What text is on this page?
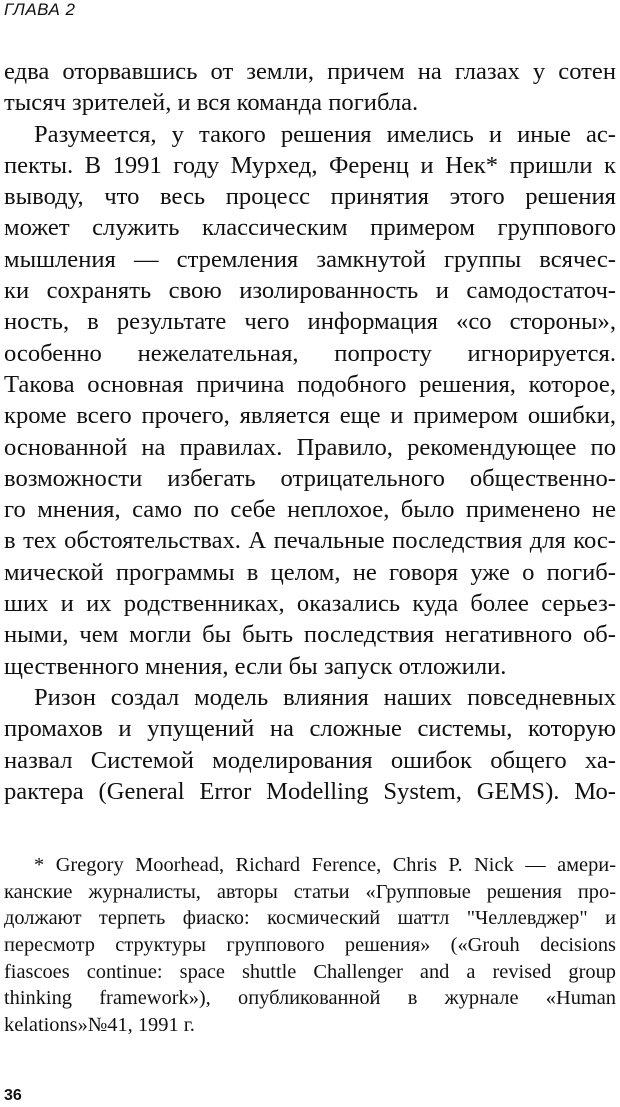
ГЛАВА 2
едва оторвавшись от земли, причем на глазах у сотен
тысяч зрителей, и вся команда погибла.
Разумеется, у такого решения имелись и иные ас-
пекты. В 1991 году Мурхед, Ференц и Нек* пришли к
выводу, что весь процесс принятия этого решения
может служить классическим примером группового
мышления — стремления замкнутой группы всячес-
ки сохранять свою изолированность и самодостаточ-
ность, в результате чего информация «со стороны»,
особенно нежелательная, попросту игнорируется.
Такова основная причина подобного решения, которое,
кроме всего прочего, является еще и примером ошибки,
основанной на правилах. Правило, рекомендующее по
возможности избегать отрицательного общественно-
го мнения, само по себе неплохое, было применено не
в тех обстоятельствах. А печальные последствия для кос-
мической программы в целом, не говоря уже о погиб-
ших и их родственниках, оказались куда более серьез-
ными, чем могли бы быть последствия негативного об-
щественного мнения, если бы запуск отложили.
Ризон создал модель влияния наших повседневных
промахов и упущений на сложные системы, которую
назвал Системой моделирования ошибок общего ха-
рактера (General Error Modelling System, GEMS). Мо-
* Gregory Moorhead, Richard Ference, Chris P. Nick — амери-
канские журналисты, авторы статьи «Групповые решения про-
должают терпеть фиаско: космический шаттл "Челлевджер" и
пересмотр структуры группового решения» («Grouh decisions
fiascoes continue: space shuttle Challenger and a revised group
thinking framework»), опубликованной в журнале «Human
kelations»№41, 1991 г.
36
